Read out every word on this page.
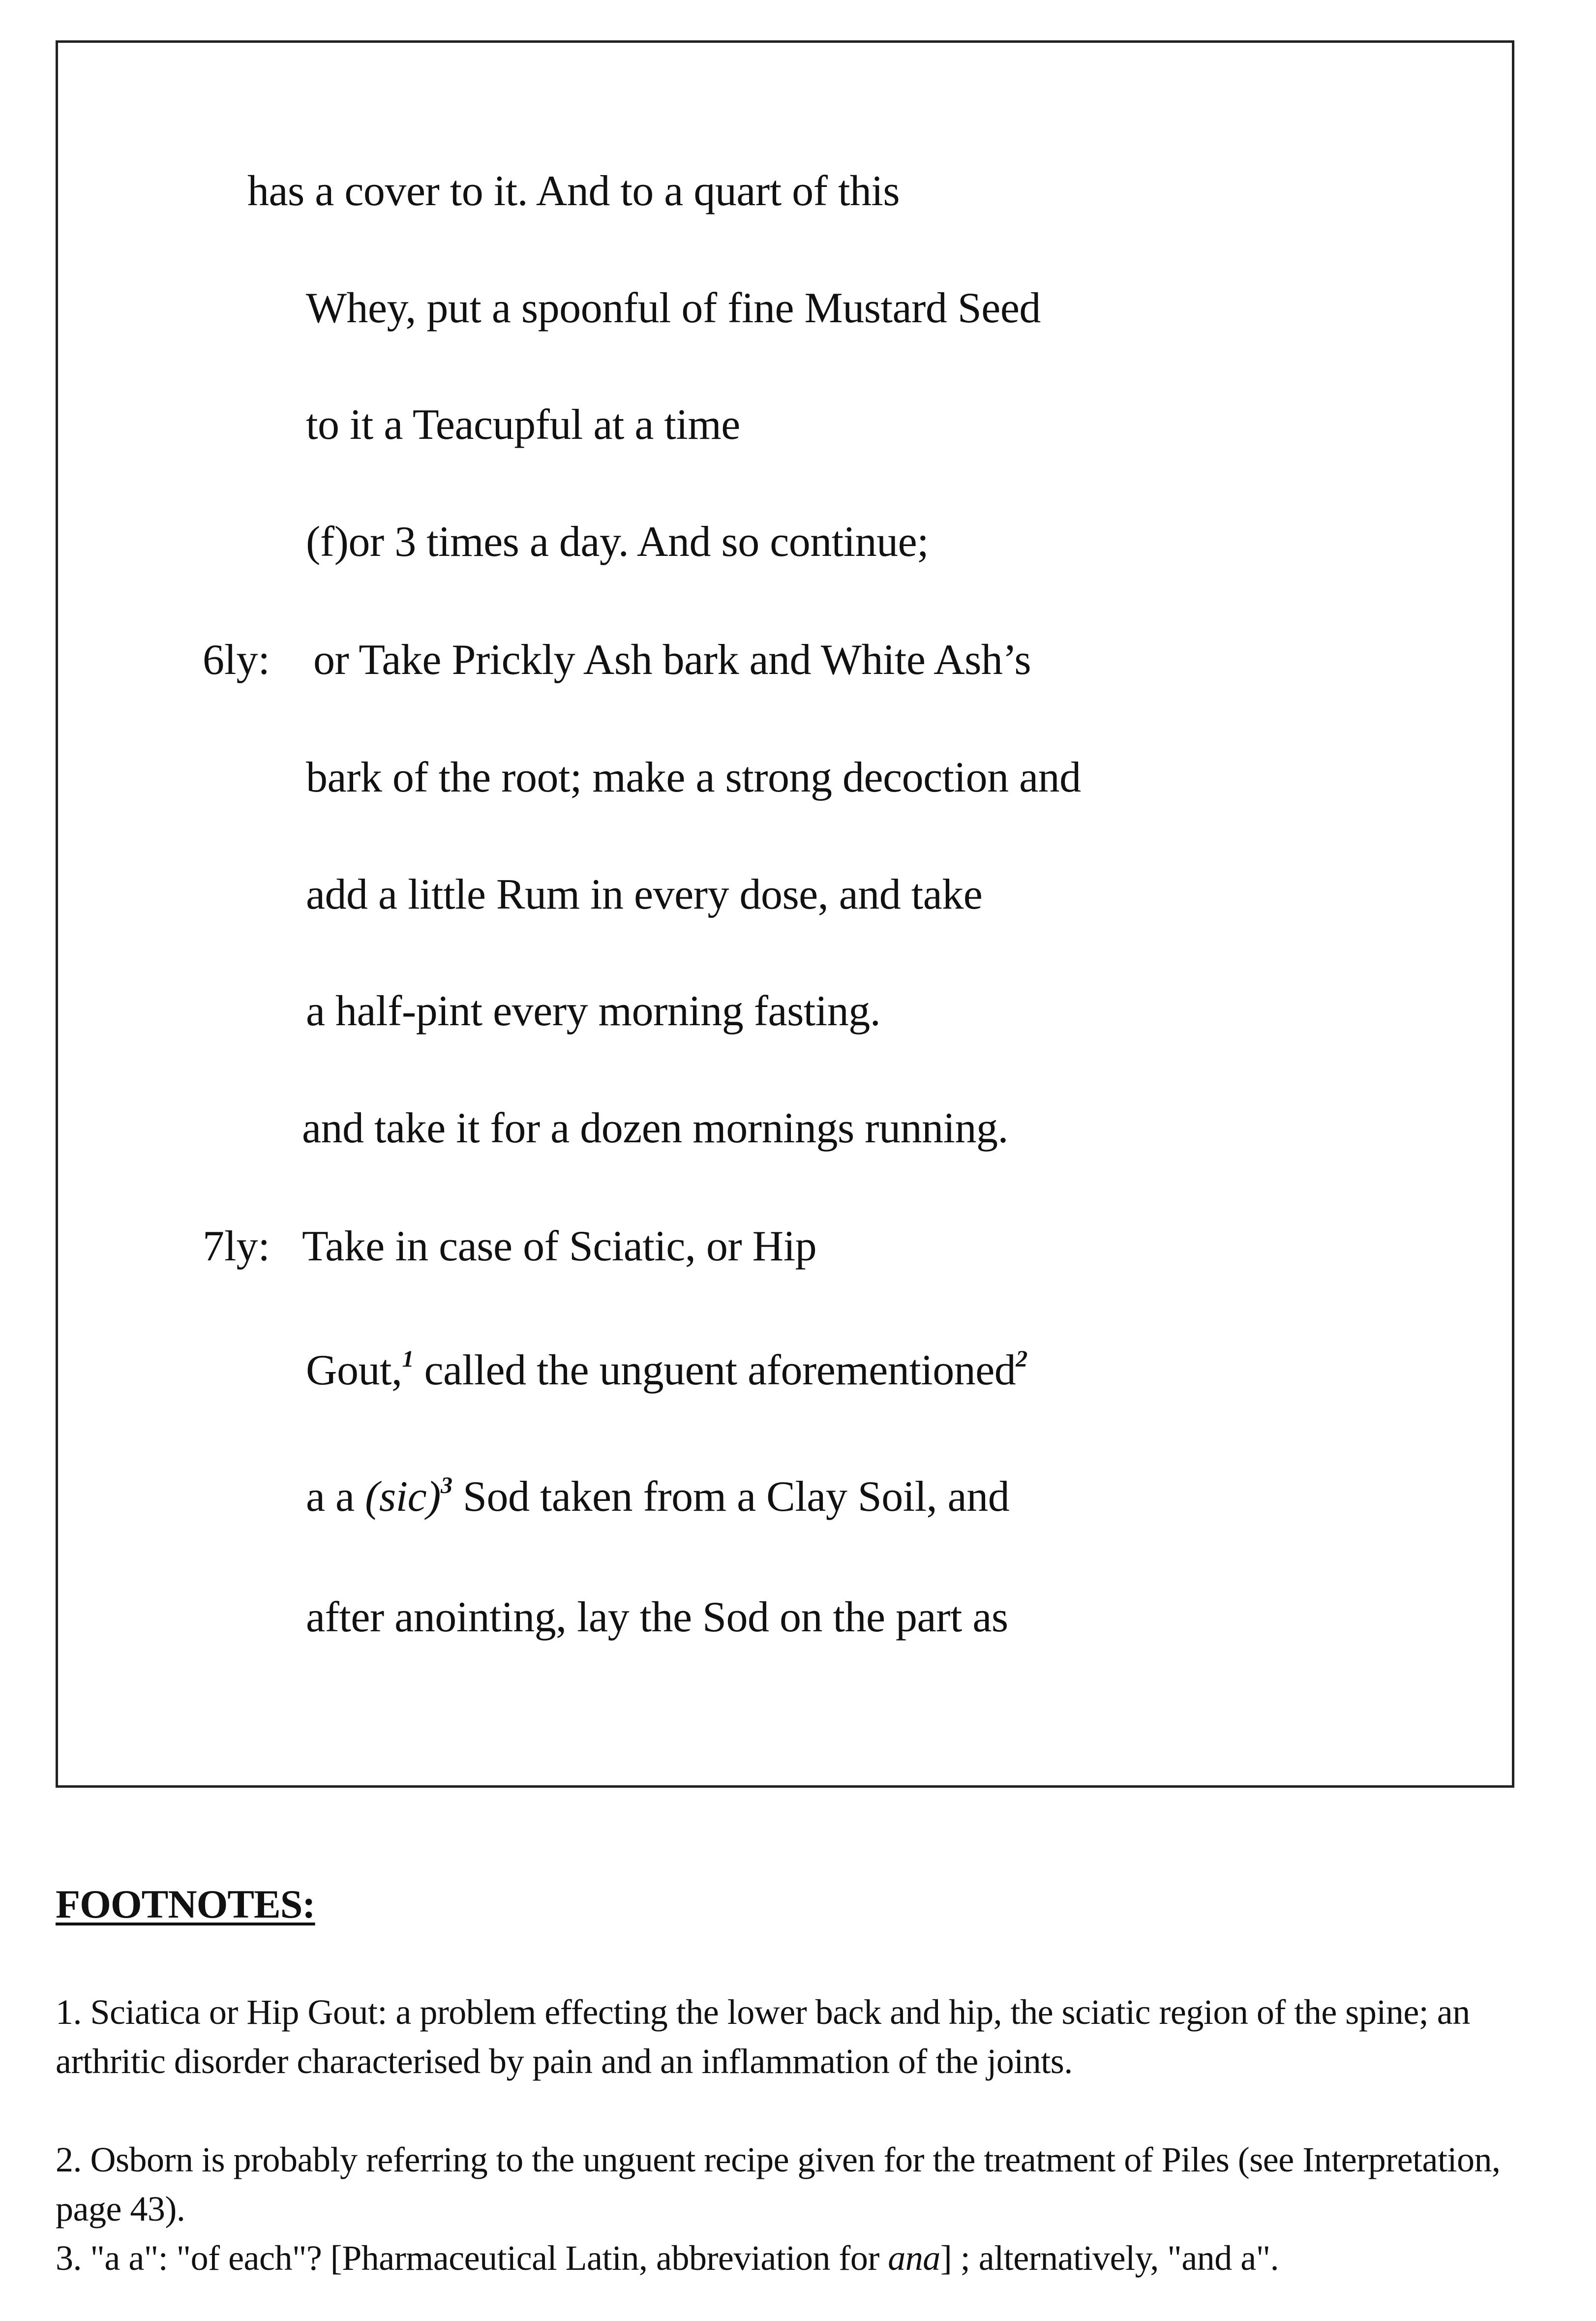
has a cover to it. And to a quart of this
Whey, put a spoonful of fine Mustard Seed
to it a Teacupful at a time
(f)or 3 times a day. And so continue;
6ly: or Take Prickly Ash bark and White Ash’s
bark of the root; make a strong decoction and
add a little Rum in every dose, and take
a half-pint every morning fasting.
and take it for a dozen mornings running.
7ly: Take in case of Sciatic, or Hip
Gout,$^1$ called the unguent aforementioned$^2$
a a (sic)$^3$ Sod taken from a Clay Soil, and
after anointing, lay the Sod on the part as
FOOTNOTES:
1. Sciatica or Hip Gout: a problem effecting the lower back and hip, the sciatic region of the spine; an arthritic disorder characterised by pain and an inflammation of the joints.
2. Osborn is probably referring to the unguent recipe given for the treatment of Piles (see Interpretation, page 43).
3. "a a": "of each"? [Pharmaceutical Latin, abbreviation for ana] ; alternatively, "and a".
